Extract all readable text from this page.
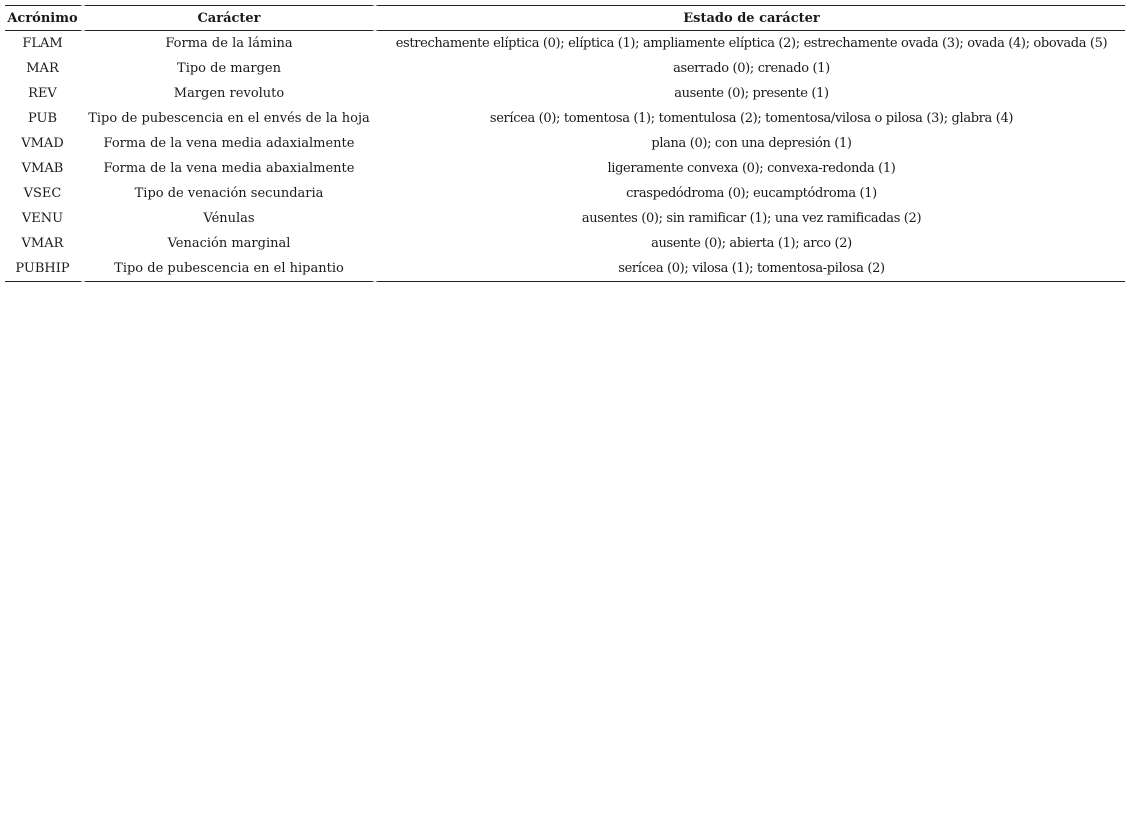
Acrónimo	Carácter	Estado de carácter
FLAM	Forma de la lámina	estrechamente elíptica (0); elíptica (1); ampliamente elíptica (2); estrechamente ovada (3); ovada (4); obovada (5)
MAR	Tipo de margen	aserrado (0); crenado (1)
REV	Margen revoluto	ausente (0); presente (1)
PUB	Tipo de pubescencia en el envés de la hoja	serícea (0); tomentosa (1); tomentulosa (2); tomentosa/vilosa o pilosa (3); glabra (4)
VMAD	Forma de la vena media adaxialmente	plana (0); con una depresión (1)
VMAB	Forma de la vena media abaxialmente	ligeramente convexa (0); convexa-redonda (1)
VSEC	Tipo de venación secundaria	craspedódroma (0); eucamptódroma (1)
VENU	Vénulas	ausentes (0); sin ramificar (1); una vez ramificadas (2)
VMAR	Venación marginal	ausente (0); abierta (1); arco (2)
PUBHIP	Tipo de pubescencia en el hipantio	serícea (0); vilosa (1); tomentosa-pilosa (2)
